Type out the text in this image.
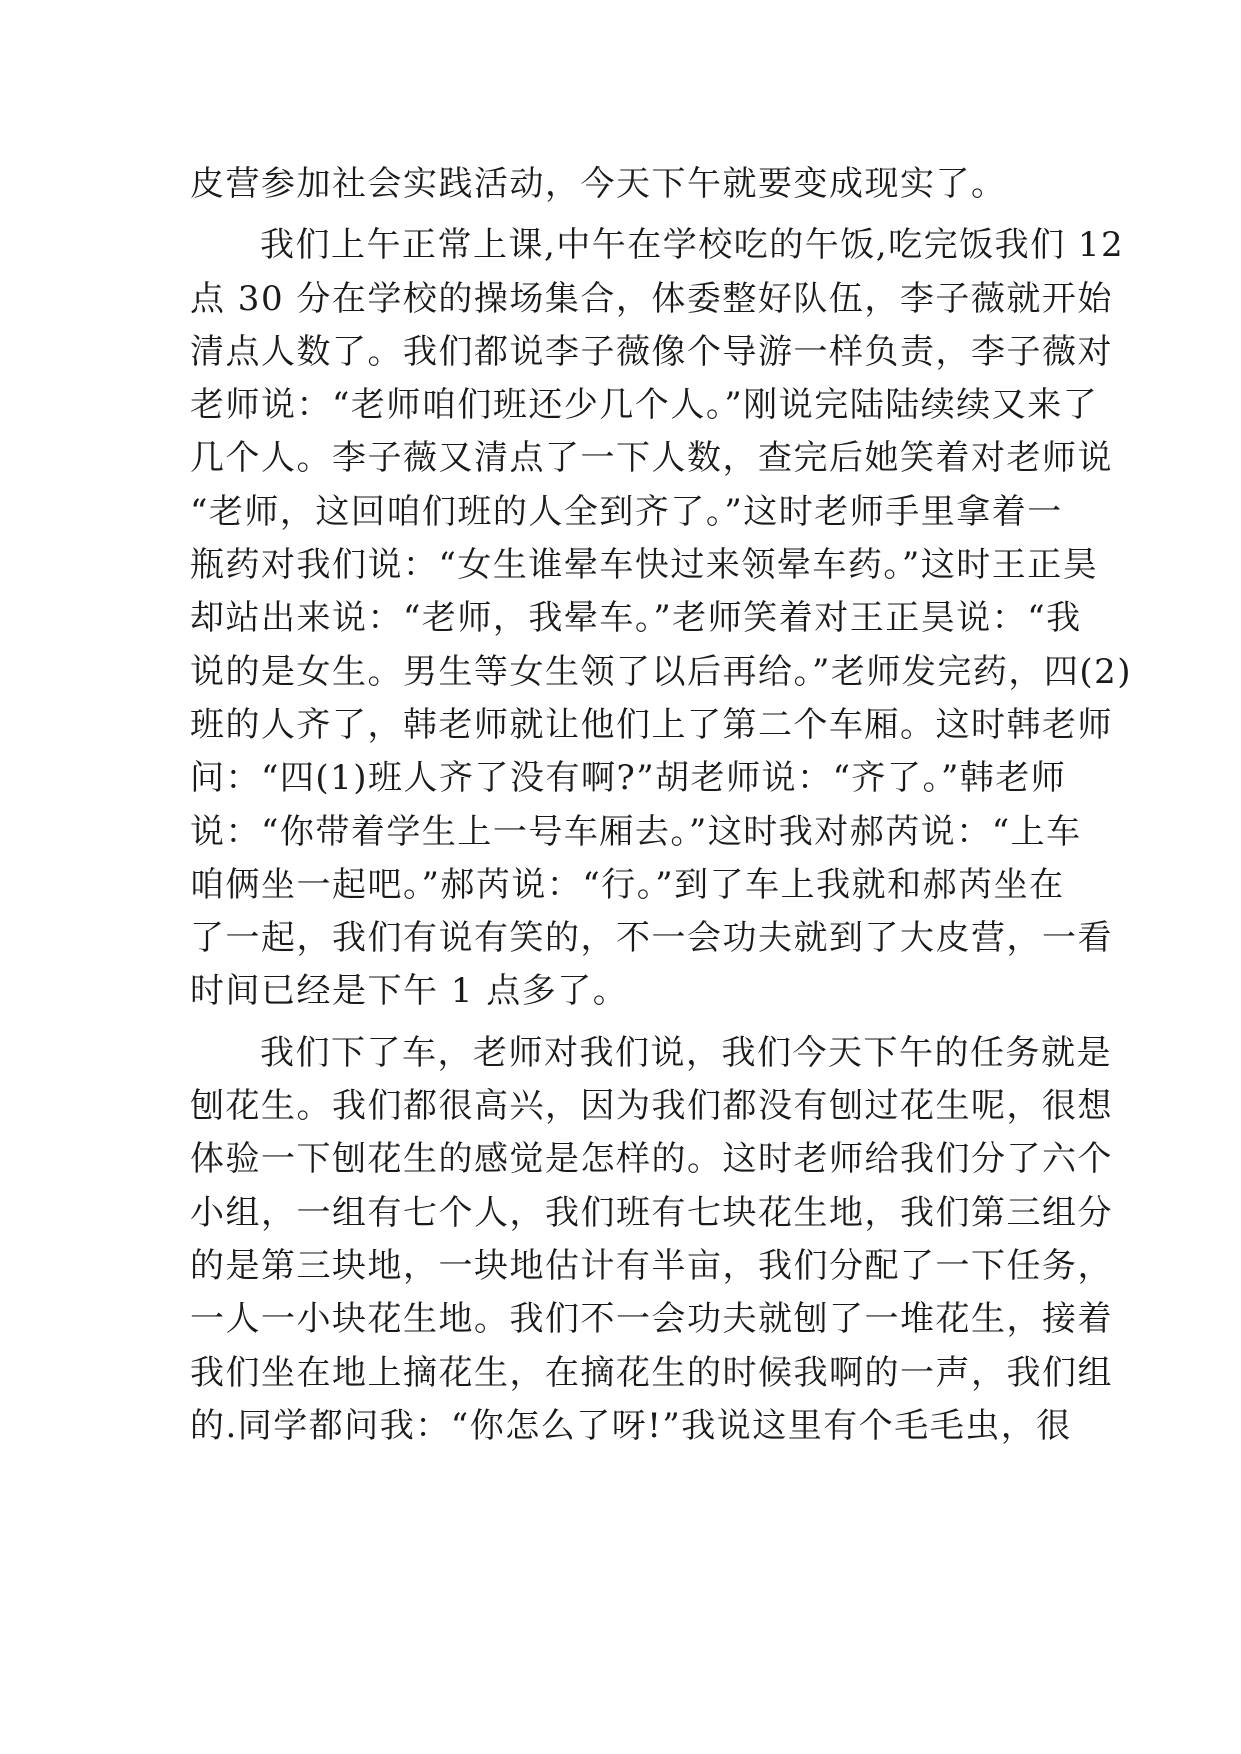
皮营参加社会实践活动，今天下午就要变成现实了。
我们上午正常上课,中午在学校吃的午饭,吃完饭我们 12
点 30 分在学校的操场集合，体委整好队伍，李子薇就开始
清点人数了。我们都说李子薇像个导游一样负责，李子薇对
老师说：“老师咱们班还少几个人。”刚说完陆陆续续又来了
几个人。李子薇又清点了一下人数，查完后她笑着对老师说
“老师，这回咱们班的人全到齐了。”这时老师手里拿着一
瓶药对我们说：“女生谁晕车快过来领晕车药。”这时王正昊
却站出来说：“老师，我晕车。”老师笑着对王正昊说：“我
说的是女生。男生等女生领了以后再给。”老师发完药，四(2)
班的人齐了，韩老师就让他们上了第二个车厢。这时韩老师
问：“四(1)班人齐了没有啊?”胡老师说：“齐了。”韩老师
说：“你带着学生上一号车厢去。”这时我对郝芮说：“上车
咱俩坐一起吧。”郝芮说：“行。”到了车上我就和郝芮坐在
了一起，我们有说有笑的，不一会功夫就到了大皮营，一看
时间已经是下午 1 点多了。
我们下了车，老师对我们说，我们今天下午的任务就是
刨花生。我们都很高兴，因为我们都没有刨过花生呢，很想
体验一下刨花生的感觉是怎样的。这时老师给我们分了六个
小组，一组有七个人，我们班有七块花生地，我们第三组分
的是第三块地，一块地估计有半亩，我们分配了一下任务，
一人一小块花生地。我们不一会功夫就刨了一堆花生，接着
我们坐在地上摘花生，在摘花生的时候我啊的一声，我们组
的.同学都问我：“你怎么了呀!”我说这里有个毛毛虫，很
